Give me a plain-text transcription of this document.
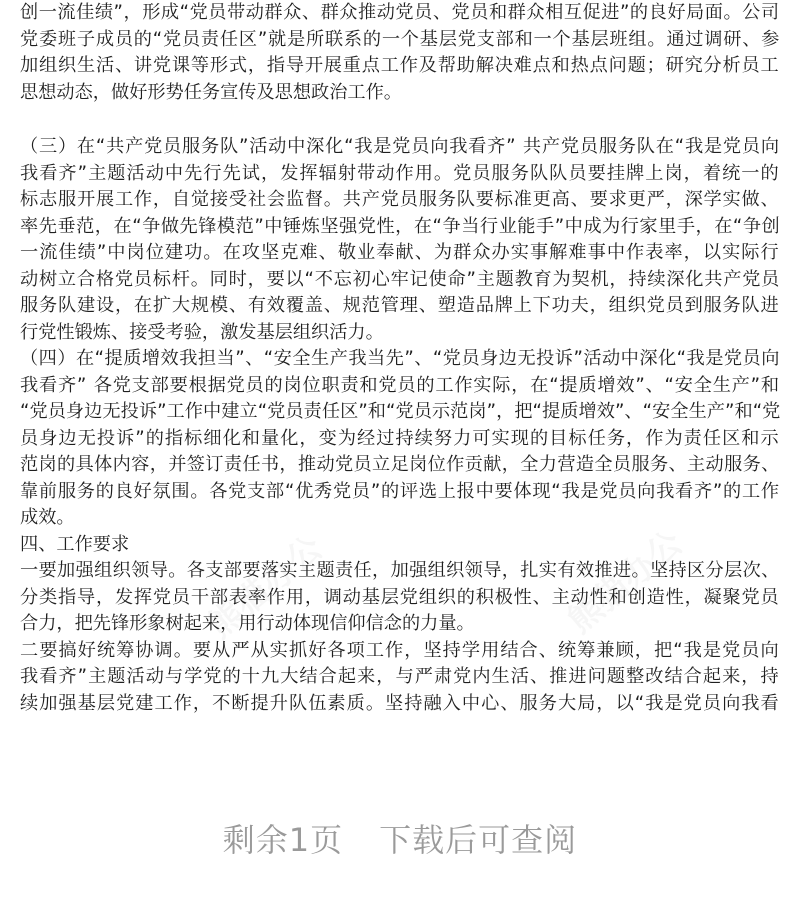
创一流佳绩”，形成“党员带动群众、群众推动党员、党员和群众相互促进”的良好局面。公司
党委班子成员的“党员责任区”就是所联系的一个基层党支部和一个基层班组。通过调研、参
加组织生活、讲党课等形式，指导开展重点工作及帮助解决难点和热点问题；研究分析员工
思想动态，做好形势任务宣传及思想政治工作。
（三）在“共产党员服务队”活动中深化“我是党员向我看齐” 共产党员服务队在“我是党员向
我看齐”主题活动中先行先试，发挥辐射带动作用。党员服务队队员要挂牌上岗，着统一的
标志服开展工作，自觉接受社会监督。共产党员服务队要标准更高、要求更严，深学实做、
率先垂范，在“争做先锋模范”中锤炼坚强党性，在“争当行业能手”中成为行家里手，在“争创
一流佳绩”中岗位建功。在攻坚克难、敬业奉献、为群众办实事解难事中作表率，以实际行
动树立合格党员标杆。同时，要以“不忘初心牢记使命”主题教育为契机，持续深化共产党员
服务队建设，在扩大规模、有效覆盖、规范管理、塑造品牌上下功夫，组织党员到服务队进
行党性锻炼、接受考验，激发基层组织活力。
（四）在“提质增效我担当”、“安全生产我当先”、“党员身边无投诉”活动中深化“我是党员向
我看齐” 各党支部要根据党员的岗位职责和党员的工作实际，在“提质增效”、“安全生产”和
“党员身边无投诉”工作中建立“党员责任区”和“党员示范岗”，把“提质增效”、“安全生产”和“党
员身边无投诉”的指标细化和量化，变为经过持续努力可实现的目标任务，作为责任区和示
范岗的具体内容，并签订责任书，推动党员立足岗位作贡献，全力营造全员服务、主动服务、
靠前服务的良好氛围。各党支部“优秀党员”的评选上报中要体现“我是党员向我看齐”的工作
成效。
四、工作要求
一要加强组织领导。各支部要落实主题责任，加强组织领导，扎实有效推进。坚持区分层次、
分类指导，发挥党员干部表率作用，调动基层党组织的积极性、主动性和创造性，凝聚党员
合力，把先锋形象树起来，用行动体现信仰信念的力量。
二要搞好统筹协调。要从严从实抓好各项工作，坚持学用结合、统筹兼顾，把“我是党员向
我看齐”主题活动与学党的十九大结合起来，与严肃党内生活、推进问题整改结合起来，持
续加强基层党建工作，不断提升队伍素质。坚持融入中心、服务大局，以“我是党员向我看
剩余1页 下载后可查阅
